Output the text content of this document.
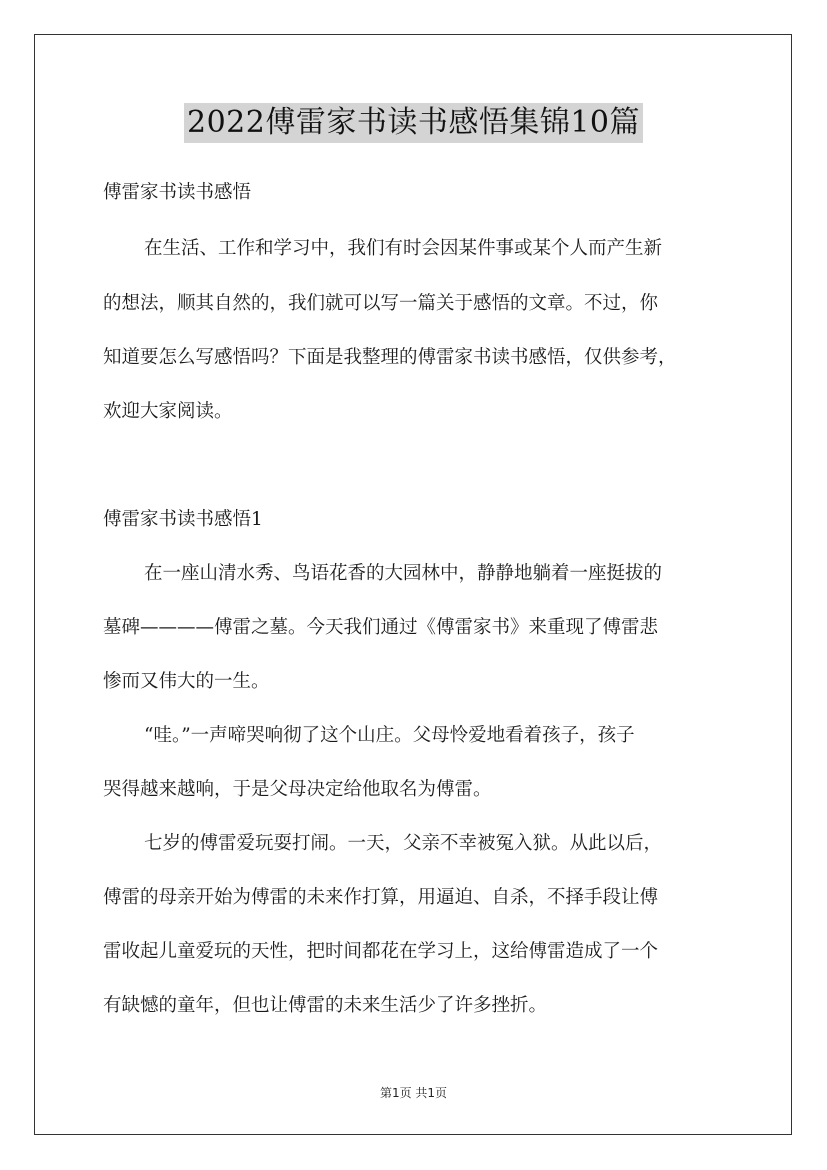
2022傅雷家书读书感悟集锦10篇
傅雷家书读书感悟
在生活、工作和学习中，我们有时会因某件事或某个人而产生新
的想法，顺其自然的，我们就可以写一篇关于感悟的文章。不过，你
知道要怎么写感悟吗？下面是我整理的傅雷家书读书感悟，仅供参考，
欢迎大家阅读。
傅雷家书读书感悟1
在一座山清水秀、鸟语花香的大园林中，静静地躺着一座挺拔的
墓碑————傅雷之墓。今天我们通过《傅雷家书》来重现了傅雷悲
惨而又伟大的一生。
“哇。”一声啼哭响彻了这个山庄。父母怜爱地看着孩子，孩子
哭得越来越响，于是父母决定给他取名为傅雷。
七岁的傅雷爱玩耍打闹。一天，父亲不幸被冤入狱。从此以后，
傅雷的母亲开始为傅雷的未来作打算，用逼迫、自杀，不择手段让傅
雷收起儿童爱玩的天性，把时间都花在学习上，这给傅雷造成了一个
有缺憾的童年，但也让傅雷的未来生活少了许多挫折。
第1页 共1页
